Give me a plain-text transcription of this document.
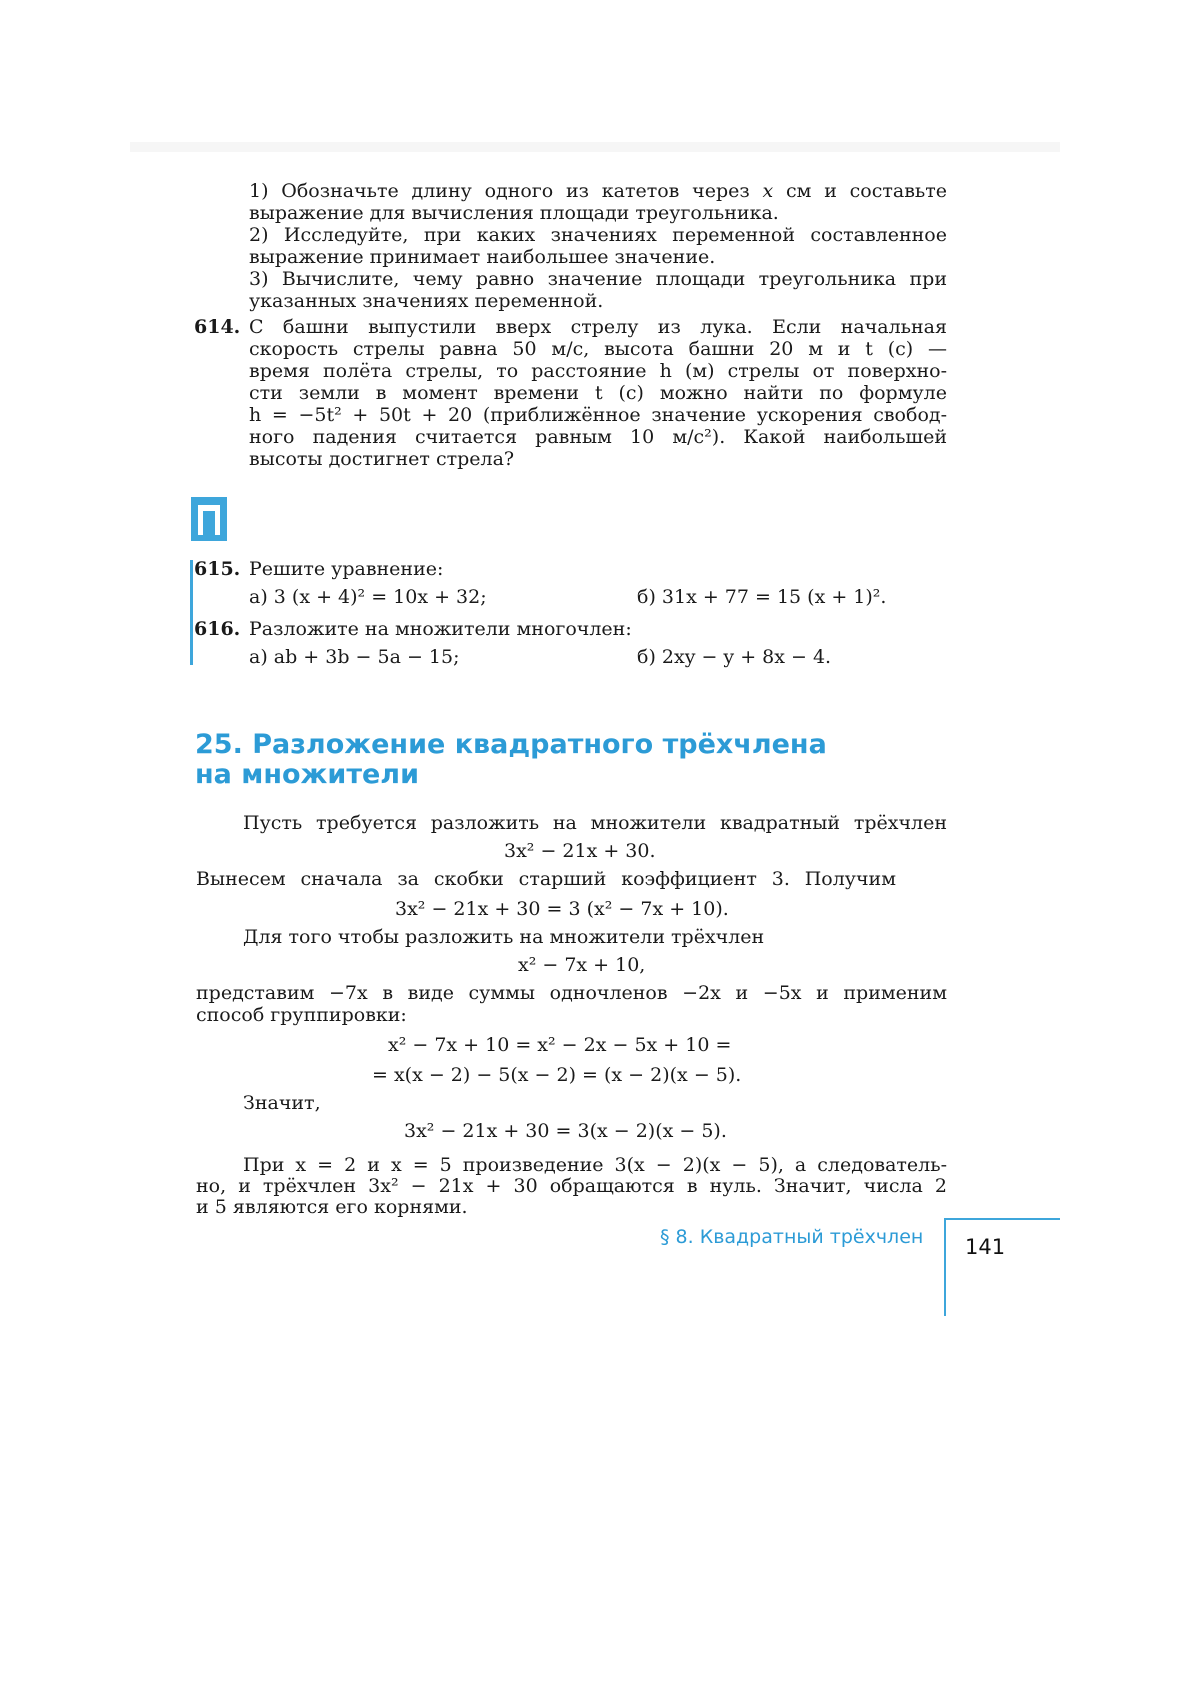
1) Обозначьте длину одного из катетов через x см и составьте

выражение для вычисления площади треугольника.

2) Исследуйте, при каких значениях переменной составленное

выражение принимает наибольшее значение.

3) Вычислите, чему равно значение площади треугольника при

указанных значениях переменной.

614. С башни выпустили вверх стрелу из лука. Если начальная

скорость стрелы равна 50 м/с, высота башни 20 м и t (с) —

время полёта стрелы, то расстояние h (м) стрелы от поверхно-

сти земли в момент времени t (с) можно найти по формуле

h = −5t² + 50t + 20 (приближённое значение ускорения свобод-

ного падения считается равным 10 м/с²). Какой наибольшей

высоты достигнет стрела?

615. Решите уравнение:

а) 3 (x + 4)² = 10x + 32;	б) 31x + 77 = 15 (x + 1)².

616. Разложите на множители многочлен:

а) ab + 3b − 5a − 15;	б) 2xy − y + 8x − 4.

25. Разложение квадратного трёхчлена
на множители

Пусть требуется разложить на множители квадратный трёхчлен

3x² − 21x + 30.

Вынесем сначала за скобки старший коэффициент 3. Получим

3x² − 21x + 30 = 3 (x² − 7x + 10).

Для того чтобы разложить на множители трёхчлен

x² − 7x + 10,

представим −7x в виде суммы одночленов −2x и −5x и применим

способ группировки:

x² − 7x + 10 = x² − 2x − 5x + 10 =
= x(x − 2) − 5(x − 2) = (x − 2)(x − 5).

Значит,

3x² − 21x + 30 = 3(x − 2)(x − 5).

При x = 2 и x = 5 произведение 3(x − 2)(x − 5), а следователь-

но, и трёхчлен 3x² − 21x + 30 обращаются в нуль. Значит, числа 2

и 5 являются его корнями.

§ 8. Квадратный трёхчлен 141
